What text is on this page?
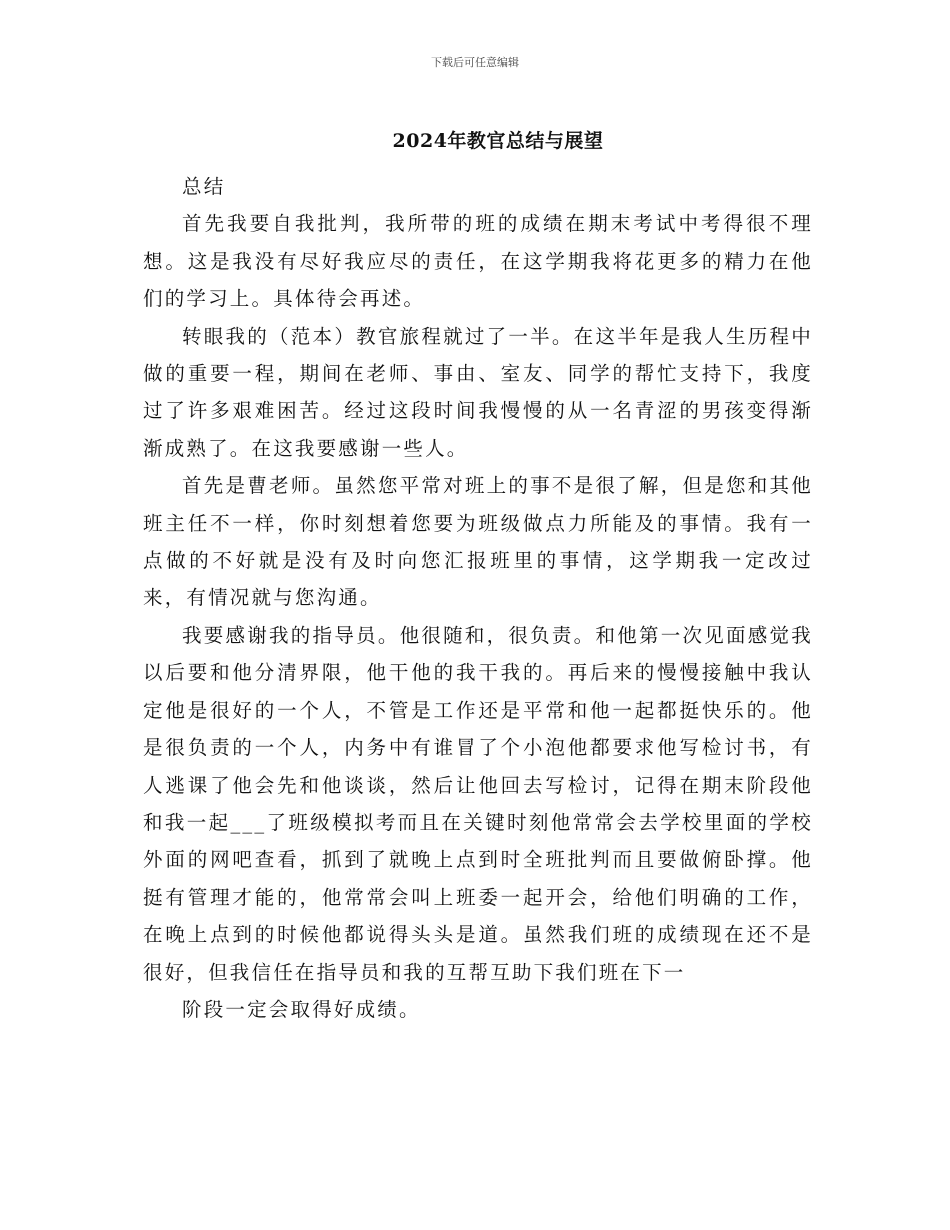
下载后可任意编辑
2024年教官总结与展望

总结

首先我要自我批判，我所带的班的成绩在期末考试中考得很不理想。这是我没有尽好我应尽的责任，在这学期我将花更多的精力在他们的学习上。具体待会再述。

转眼我的（范本）教官旅程就过了一半。在这半年是我人生历程中做的重要一程，期间在老师、事由、室友、同学的帮忙支持下，我度过了许多艰难困苦。经过这段时间我慢慢的从一名青涩的男孩变得渐渐成熟了。在这我要感谢一些人。

首先是曹老师。虽然您平常对班上的事不是很了解，但是您和其他班主任不一样，你时刻想着您要为班级做点力所能及的事情。我有一点做的不好就是没有及时向您汇报班里的事情，这学期我一定改过来，有情况就与您沟通。

我要感谢我的指导员。他很随和，很负责。和他第一次见面感觉我以后要和他分清界限，他干他的我干我的。再后来的慢慢接触中我认定他是很好的一个人，不管是工作还是平常和他一起都挺快乐的。他是很负责的一个人，内务中有谁冒了个小泡他都要求他写检讨书，有人逃课了他会先和他谈谈，然后让他回去写检讨，记得在期末阶段他和我一起___了班级模拟考而且在关键时刻他常常会去学校里面的学校外面的网吧查看，抓到了就晚上点到时全班批判而且要做俯卧撑。他挺有管理才能的，他常常会叫上班委一起开会，给他们明确的工作，在晚上点到的时候他都说得头头是道。虽然我们班的成绩现在还不是很好，但我信任在指导员和我的互帮互助下我们班在下一

阶段一定会取得好成绩。
